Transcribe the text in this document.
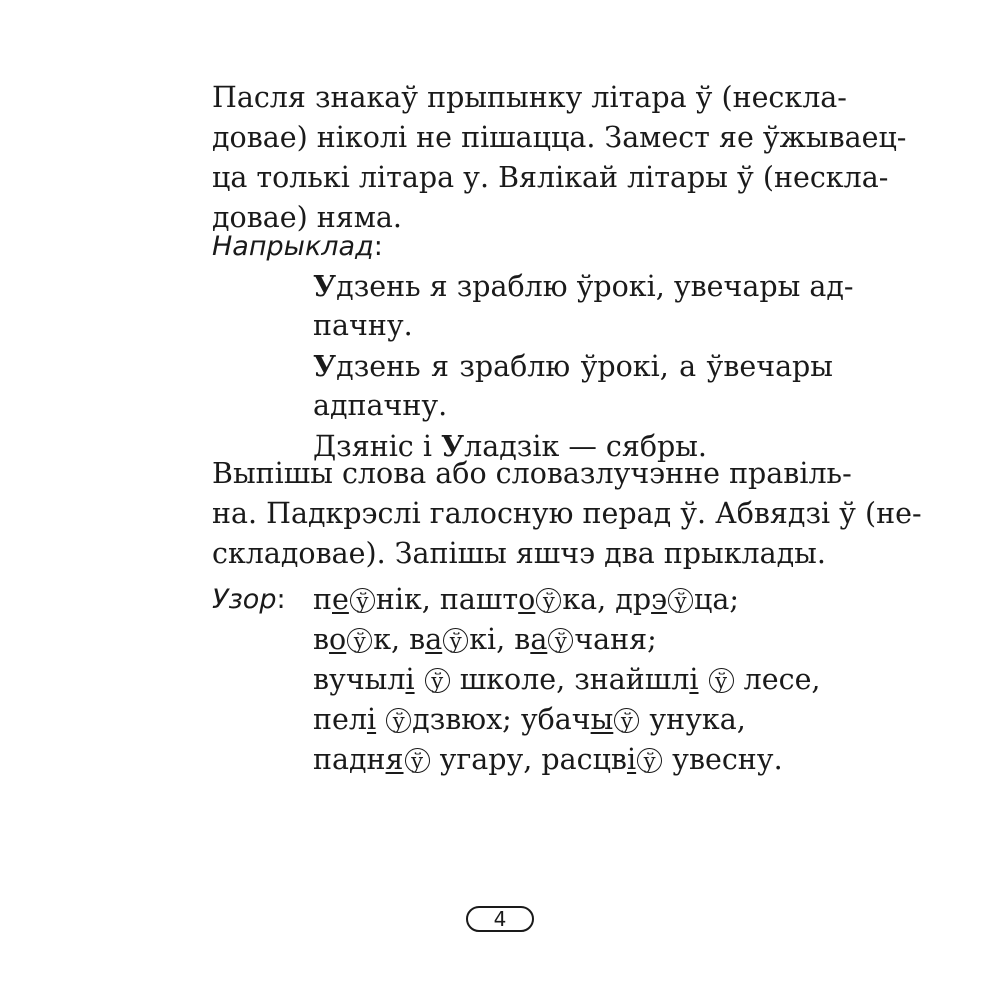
Пасля знакаў прыпынку літара ў (нескла-
довае) ніколі не пішацца. Замест яе ўжываец-
ца толькі літара у. Вялікай літары ў (нескла-
довае) няма.
Напрыклад:
Удзень я зраблю ўрокі, увечары ад-
пачну.
Удзень я зраблю ўрокі, а ўвечары
адпачну.
Дзяніс і Уладзік — сябры.
Выпішы слова або словазлучэнне правіль-
на. Падкрэслі галосную перад ў. Абвядзі ў (не-
складовае). Запішы яшчэ два прыклады.
Узор: пе ў нік, пашто ў ка, дрэ ў ца;
во ў к, ва ў кі, ва ў чаня;
вучылі ў школе, знайшлі ў лесе,
пелі ў дзвюх; убачы ў унука,
падня ў угару, расцві ў увесну.
4
